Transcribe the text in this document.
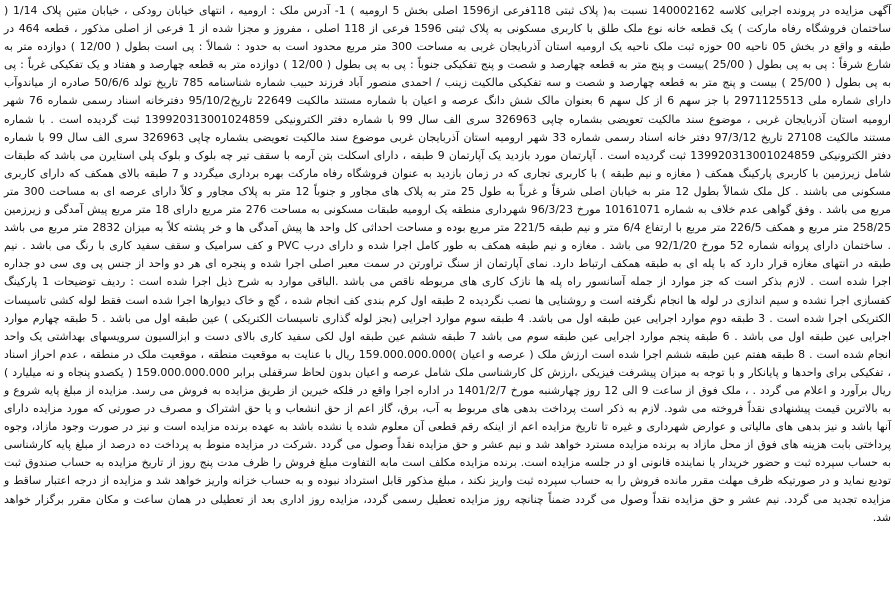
آگهی مزایده در پرونده اجرایی کلاسه 140002162 نسبت به( پلاک ثبتی 118فرعی از1596 اصلی بخش 5 ارومیه ) 1- آدرس ملک : ارومیه ، انتهای خیابان رودکی ، خیابان متین پلاک 1/14 ( ساختمان فروشگاه رفاه مارکت ) یک قطعه خانه نوع ملک طلق با کاربری مسکونی به پلاک ثبتی 1596 فرعی از 118 اصلی ، مفروز و مجزا شده از 1 فرعی از اصلی مذکور ، قطعه 464 در طبقه و واقع در بخش 05 ناحیه 00 حوزه ثبت ملک ناحیه یک ارومیه استان آذربایجان غربی به مساحت 300 متر مربع محدود است به حدود : شمالاً : پی است بطول ( 12/00 ) دوازده متر به شارع شرقاً : پی به پی بطول ( 25/00 )بیست و پنج متر به قطعه چهارصد و شصت و پنج تفکیکی جنوباً : پی به پی بطول ( 12/00 ) دوازده متر به قطعه چهارصد و هفتاد و یک تفکیکی غرباً : پی به پی بطول ( 25/00 ) بیست و پنج متر به قطعه چهارصد و شصت و سه تفکیکی مالکیت زینب / احمدی منصور آباد فرزند حبیب شماره شناسنامه 785 تاریخ تولد 50/6/6 صادره از میاندوآب دارای شماره ملی 2971125513 با جز سهم 6 از کل سهم 6 بعنوان مالک شش دانگ عرصه و اعیان با شماره مستند مالکیت 22649 تاریخ95/10/2 دفترخانه اسناد رسمی شماره 76 شهر ارومیه استان آذربایجان غربی ، موضوع سند مالکیت تعویضی بشماره چاپی 326963 سری الف سال 99 با شماره دفتر الکترونیکی 139920313001024859 ثبت گردیده است . با شماره مستند مالکیت 27108 تاریخ 97/3/12 دفتر خانه اسناد رسمی شماره 33 شهر ارومیه استان آذربایجان غربی موضوع سند مالکیت تعویضی بشماره چاپی 326963 سری الف سال 99 با شماره دفتر الکترونیکی 139920313001024859 ثبت گردیده است . آپارتمان مورد بازدید یک آپارتمان 9 طبقه ، دارای اسکلت بتن آرمه با سقف تیر چه بلوک و بلوک پلی استایرن می باشد که طبقات شامل زیرزمین با کاربری پارکینگ همکف ( مغازه و نیم طبقه ) با کاربری تجاری که در زمان بازدید به عنوان فروشگاه رفاه مارکت بهره برداری میگردد و 7 طبقه بالای همکف که دارای کاربری مسکونی می باشند . کل ملک شمالاً بطول 12 متر به خیابان اصلی شرقاً و غرباً به طول 25 متر به پلاک های مجاور و جنوباً 12 متر به پلاک مجاور و کلاً دارای عرصه ای به مساحت 300 متر مربع می باشد . وفق گواهی عدم خلاف به شماره 10161071 مورخ 96/3/23 شهرداری منطقه یک ارومیه طبقات مسکونی به مساحت 276 متر مربع دارای 18 متر مربع پیش آمدگی و زیرزمین 258/25 متر مربع و همکف 226/5 متر مربع با ارتفاع 6/4 متر و نیم طبقه 221/5 متر مربع بوده و مساحت احداثی کل واحد ها پیش آمدگی ها و خر پشته کلاً به میزان 2832 متر مربع می باشد . ساختمان دارای پروانه شماره 52 مورخ 92/1/20 می باشد . مغازه و نیم طبقه همکف به طور کامل اجرا شده و دارای درب PVC و کف سرامیک و سقف سفید کاری با رنگ می باشد . نیم طبقه در انتهای مغازه قرار دارد که با پله ای به طبقه همکف ارتباط دارد. نمای آپارتمان از سنگ تراورتن در سمت معبر اصلی اجرا شده و پنجره ای هر دو واحد از جنس پی وی سی دو جداره اجرا شده است . لازم بذکر است که جز موارد از جمله آسانسور راه پله ها نازک کاری های مربوطه ناقص می باشد .الباقی موارد به شرح ذیل اجرا شده است : ردیف توضیحات 1 پارکینگ کفسازی اجرا نشده و سیم اندازی در لوله ها انجام نگرفته است و روشنایی ها نصب نگردیده 2 طبقه اول کرم بندی کف انجام شده ، گچ و خاک دیوارها اجرا شده است فقط لوله کشی تاسیسات الکتریکی اجرا شده است . 3 طبقه دوم موارد اجرایی عین طبقه اول می باشد. 4 طبقه سوم موارد اجرایی (بجز لوله گذاری تاسیسات الکتریکی ) عین طبقه اول می باشد . 5 طبقه چهارم موارد اجرایی عین طبقه اول می باشد . 6 طبقه پنجم موارد اجرایی عین طبقه سوم می باشد 7 طبقه ششم عین طبقه اول لکی سفید کاری بالای دست و ابزالسیون سرویسهای بهداشتی یک واحد انجام شده است . 8 طبقه هفتم عین طبقه ششم اجرا شده است ارزش ملک ( عرصه و اعیان )159.000.000.000 ریال با عنایت به موقعیت منطقه ، موقعیت ملک در منطقه ، عدم احراز اسناد ، تفکیکی برای واحدها و پایانکار و با توجه به میزان پیشرفت فیزیکی ،ارزش کل کارشناسی ملک شامل عرصه و اعیان بدون لحاظ سرقفلی برابر 159.000.000.000 ( یکصدو پنجاه و نه میلیارد ) ریال برآورد و اعلام می گردد . ، ملک فوق از ساعت 9 الی 12 روز چهارشنبه مورخ 1401/2/7 در اداره اجرا واقع در فلکه خیرین از طریق مزایده به فروش می رسد. مزایده از مبلغ پایه شروع و به بالاترین قیمت پیشنهادی نقداً فروخته می شود. لازم به ذکر است پرداخت بدهی های مربوط به آب، برق، گاز اعم از حق انشعاب و یا حق اشتراک و مصرف در صورتی که مورد مزایده دارای آنها باشد و نیز بدهی های مالیاتی و عوارض شهرداری و غیره تا تاریخ مزایده اعم از اینکه رقم قطعی آن معلوم شده یا نشده باشد به عهده برنده مزایده است و نیز در صورت وجود مازاد، وجوه پرداختی بابت هزینه های فوق از محل مازاد به برنده مزایده مسترد خواهد شد و نیم عشر و حق مزایده نقداً وصول می گردد .شرکت در مزایده منوط به پرداخت ده درصد از مبلغ پایه کارشناسی به حساب سپرده ثبت و حضور خریدار یا نماینده قانونی او در جلسه مزایده است. برنده مزایده مکلف است مابه التفاوت مبلغ فروش را ظرف مدت پنج روز از تاریخ مزایده به حساب صندوق ثبت تودیع نماید و در صورتیکه ظرف مهلت مقرر مانده فروش را به حساب سپرده ثبت واریز نکند ، مبلغ مذکور قابل استرداد نبوده و به حساب خزانه واریز خواهد شد و مزایده از درجه اعتبار ساقط و مزایده تجدید می گردد. نیم عشر و حق مزایده نقداً وصول می گردد ضمناً چنانچه روز مزایده تعطیل رسمی گردد، مزایده روز اداری بعد از تعطیلی در همان ساعت و مکان مقرر برگزار خواهد شد.
